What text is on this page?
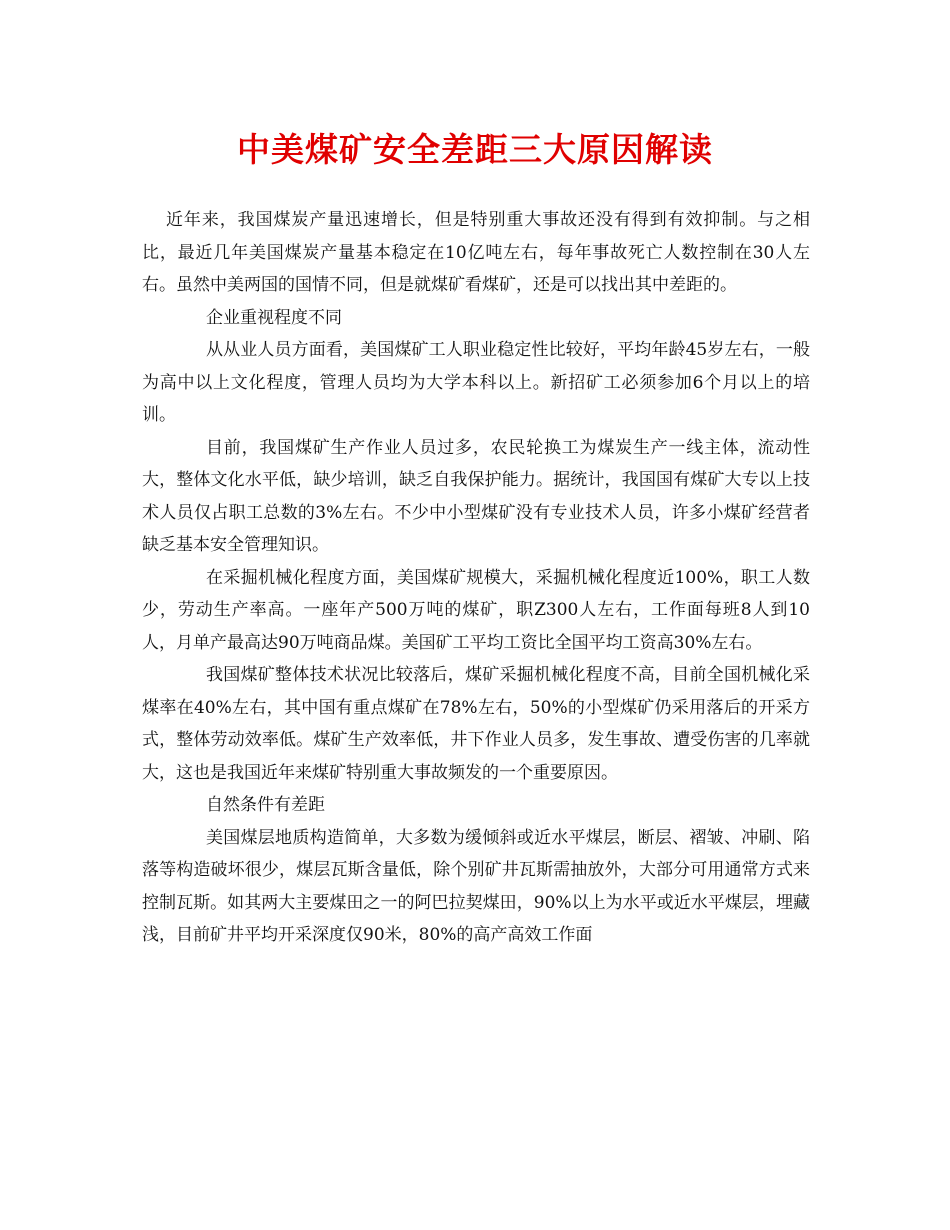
中美煤矿安全差距三大原因解读

近年来，我国煤炭产量迅速增长，但是特别重大事故还没有得到有效抑制。与之相比，最近几年美国煤炭产量基本稳定在10亿吨左右，每年事故死亡人数控制在30人左右。虽然中美两国的国情不同，但是就煤矿看煤矿，还是可以找出其中差距的。

企业重视程度不同

从从业人员方面看，美国煤矿工人职业稳定性比较好，平均年龄45岁左右，一般为高中以上文化程度，管理人员均为大学本科以上。新招矿工必须参加6个月以上的培训。

目前，我国煤矿生产作业人员过多，农民轮换工为煤炭生产一线主体，流动性大，整体文化水平低，缺少培训，缺乏自我保护能力。据统计，我国国有煤矿大专以上技术人员仅占职工总数的3%左右。不少中小型煤矿没有专业技术人员，许多小煤矿经营者缺乏基本安全管理知识。

在采掘机械化程度方面，美国煤矿规模大，采掘机械化程度近100%，职工人数少，劳动生产率高。一座年产500万吨的煤矿，职Z300人左右，工作面每班8人到10人，月单产最高达90万吨商品煤。美国矿工平均工资比全国平均工资高30%左右。

我国煤矿整体技术状况比较落后，煤矿采掘机械化程度不高，目前全国机械化采煤率在40%左右，其中国有重点煤矿在78%左右，50%的小型煤矿仍采用落后的开采方式，整体劳动效率低。煤矿生产效率低，井下作业人员多，发生事故、遭受伤害的几率就大，这也是我国近年来煤矿特别重大事故频发的一个重要原因。

自然条件有差距

美国煤层地质构造简单，大多数为缓倾斜或近水平煤层，断层、褶皱、冲刷、陷落等构造破坏很少，煤层瓦斯含量低，除个别矿井瓦斯需抽放外，大部分可用通常方式来控制瓦斯。如其两大主要煤田之一的阿巴拉契煤田，90%以上为水平或近水平煤层，埋藏浅，目前矿井平均开采深度仅90米，80%的高产高效工作面
